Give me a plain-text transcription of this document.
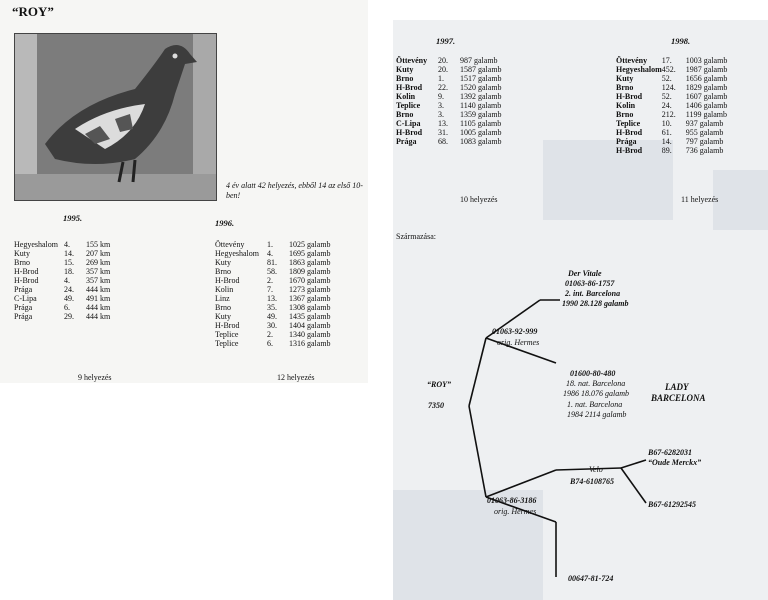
“ROY”
4 év alatt 42 helyezés, ebből 14 az első 10-ben!
1995.
Hegyeshalom	4.	155 km
Kuty	14.	207 km
Brno	15.	269 km
H-Brod	18.	357 km
H-Brod	4.	357 km
Prága	24.	444 km
C-Lipa	49.	491 km
Prága	6.	444 km
Prága	29.	444 km
9 helyezés
1996.
Öttevény	1.	1025 galamb
Hegyeshalom	4.	1695 galamb
Kuty	81.	1863 galamb
Brno	58.	1809 galamb
H-Brod	2.	1670 galamb
Kolin	7.	1273 galamb
Linz	13.	1367 galamb
Brno	35.	1308 galamb
Kuty	49.	1435 galamb
H-Brod	30.	1404 galamb
Teplice	2.	1340 galamb
Teplice	6.	1316 galamb
12 helyezés
1997.
Öttevény	20.	987 galamb
Kuty	20.	1587 galamb
Brno	1.	1517 galamb
H-Brod	22.	1520 galamb
Kolin	9.	1392 galamb
Teplice	3.	1140 galamb
Brno	3.	1359 galamb
C-Lipa	13.	1105 galamb
H-Brod	31.	1005 galamb
Prága	68.	1083 galamb
10 helyezés
1998.
Öttevény	17.	1003 galamb
Hegyeshalom	452.	1987 galamb
Kuty	52.	1656 galamb
Brno	124.	1829 galamb
H-Brod	52.	1607 galamb
Kolin	24.	1406 galamb
Brno	212.	1199 galamb
Teplice	10.	937 galamb
H-Brod	61.	955 galamb
Prága	14.	797 galamb
H-Brod	89.	736 galamb
11 helyezés
Származása:
“ROY”
7350
Der Vitale
01063-86-1757
2. int. Barcelona
1990 28.128 galamb
01063-92-999
orig. Hermes
01600-80-480
18. nat. Barcelona
1986 18.076 galamb
1. nat. Barcelona
1984 2114 galamb
LADY
BARCELONA
01063-86-3186
orig. Hermes
Velo
B74-6108765
B67-6282031
“Oude Merckx”
B67-61292545
00647-81-724
